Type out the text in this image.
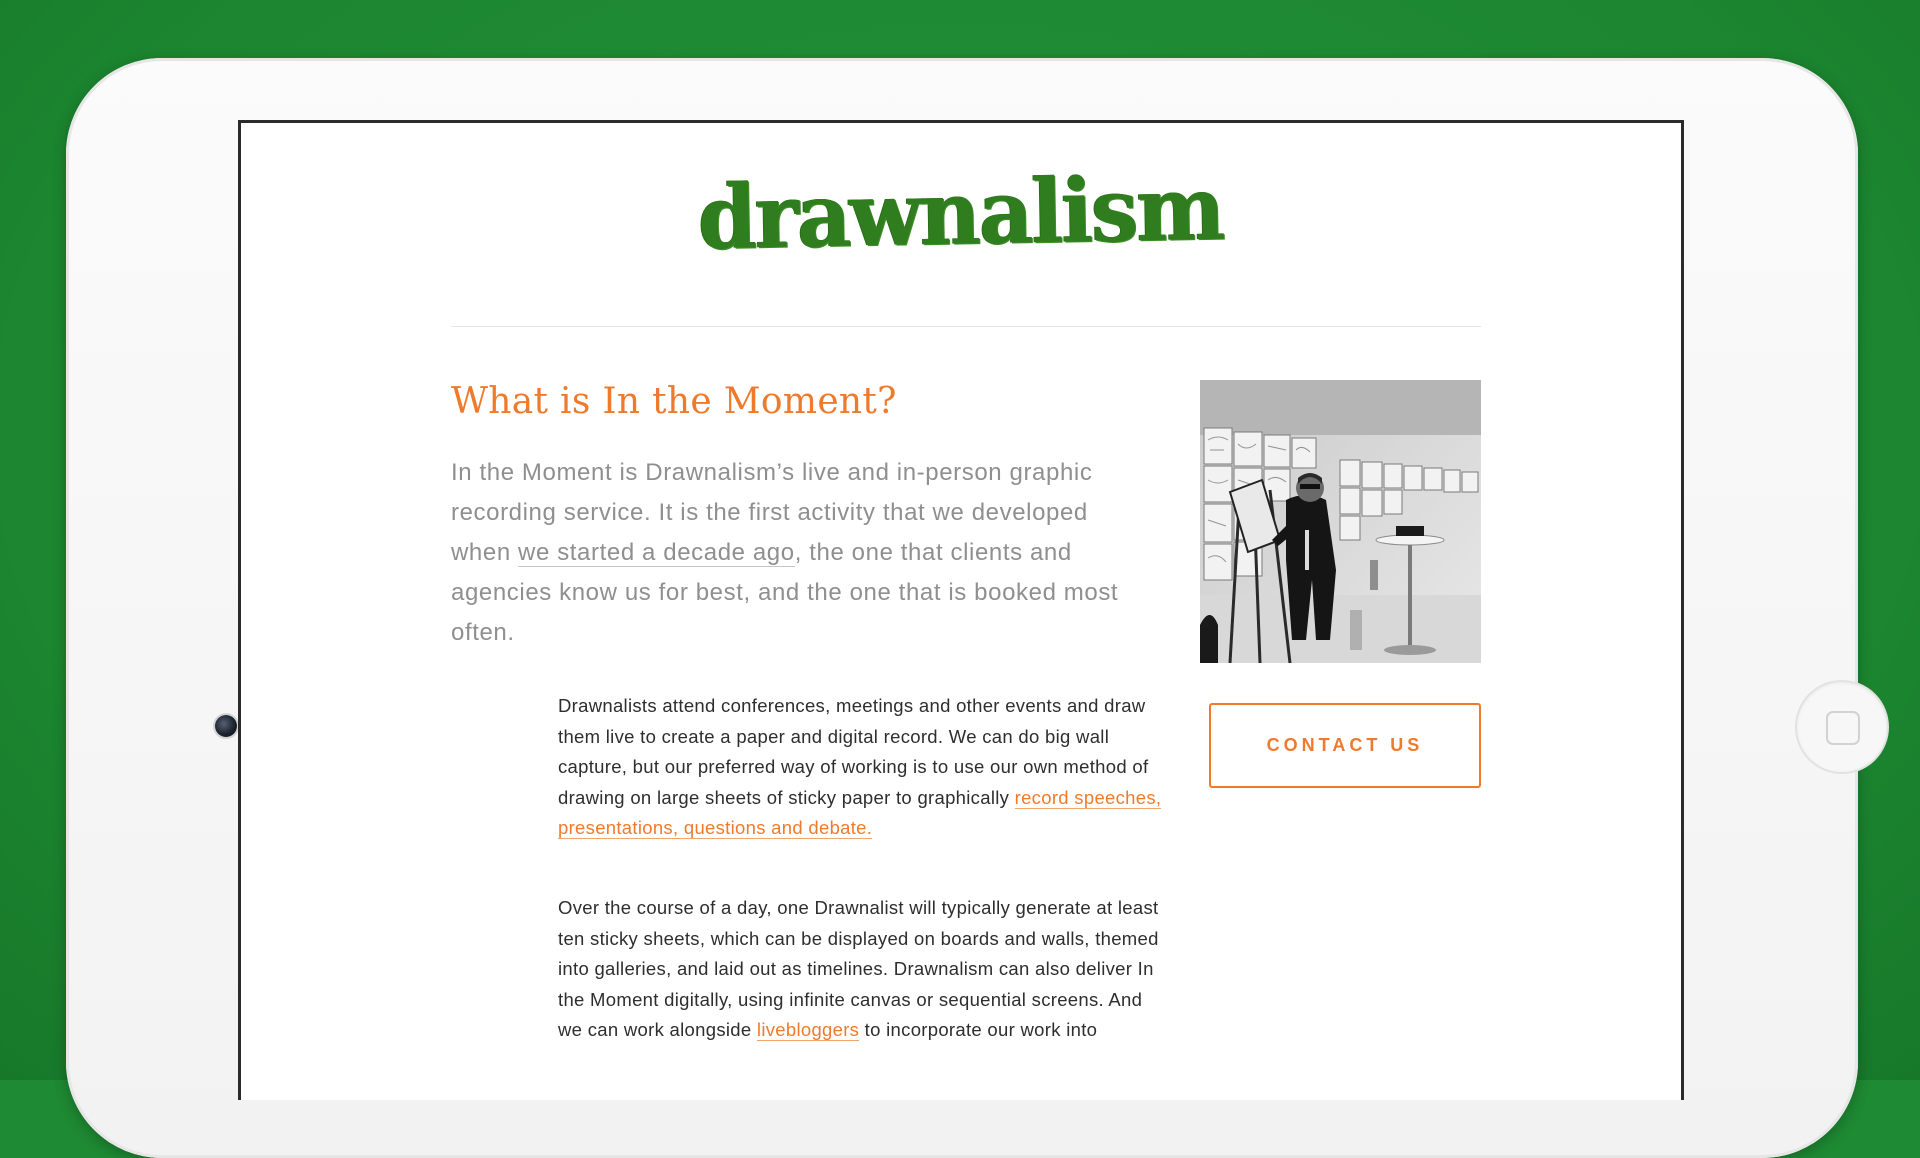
drawnalism
What is In the Moment?

In the Moment is Drawnalism’s live and in-person graphic recording service. It is the first activity that we developed when we started a decade ago, the one that clients and agencies know us for best, and the one that is booked most often.

Drawnalists attend conferences, meetings and other events and draw them live to create a paper and digital record. We can do big wall capture, but our preferred way of working is to use our own method of drawing on large sheets of sticky paper to graphically record speeches, presentations, questions and debate.

Over the course of a day, one Drawnalist will typically generate at least ten sticky sheets, which can be displayed on boards and walls, themed into galleries, and laid out as timelines. Drawnalism can also deliver In the Moment digitally, using infinite canvas or sequential screens. And we can work alongside livebloggers to incorporate our work into

CONTACT US
